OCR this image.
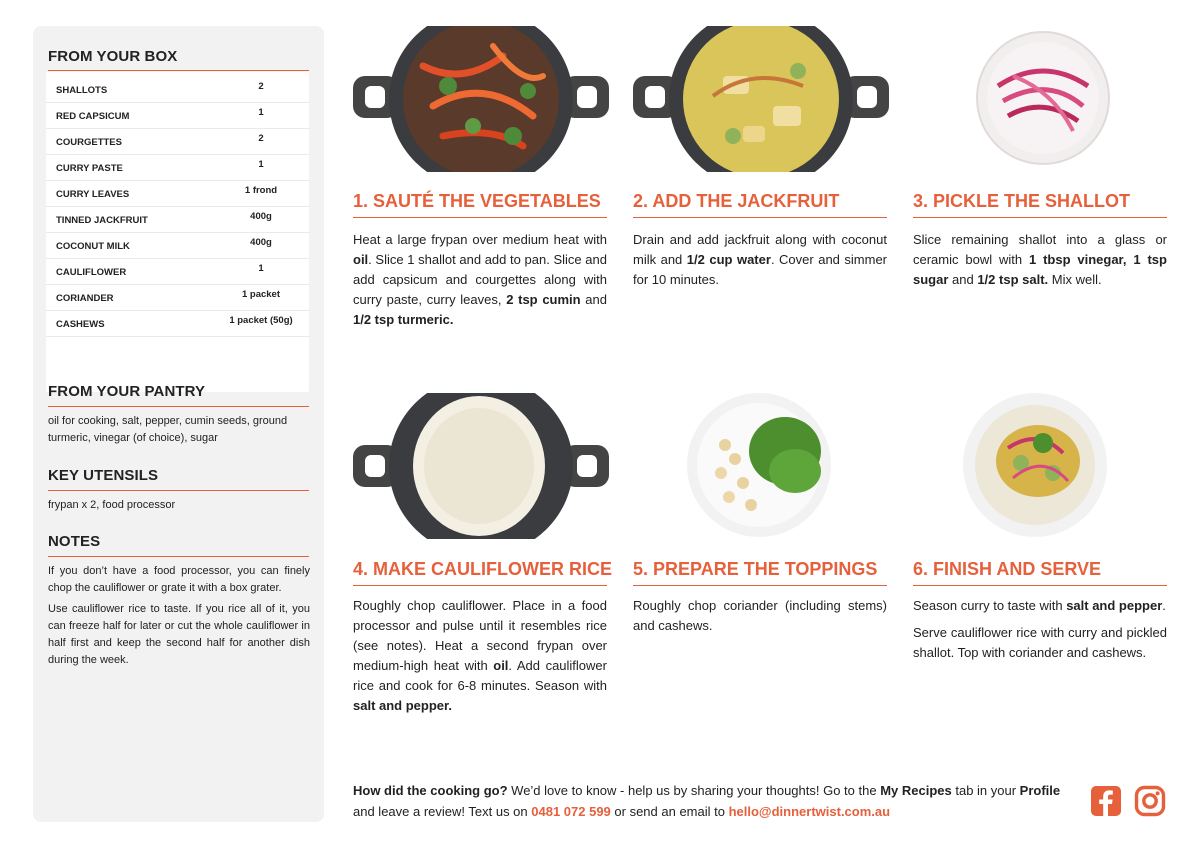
FROM YOUR BOX
SHALLOTS	2
RED CAPSICUM	1
COURGETTES	2
CURRY PASTE	1
CURRY LEAVES	1 frond
TINNED JACKFRUIT	400g
COCONUT MILK	400g
CAULIFLOWER	1
CORIANDER	1 packet
CASHEWS	1 packet (50g)
FROM YOUR PANTRY
oil for cooking, salt, pepper, cumin seeds, ground turmeric, vinegar (of choice), sugar
KEY UTENSILS
frypan x 2, food processor
NOTES
If you don’t have a food processor, you can finely chop the cauliflower or grate it with a box grater.
Use cauliflower rice to taste. If you rice all of it, you can freeze half for later or cut the whole cauliflower in half first and keep the second half for another dish during the week.
1. SAUTÉ THE VEGETABLES

Heat a large frypan over medium heat with oil. Slice 1 shallot and add to pan. Slice and add capsicum and courgettes along with curry paste, curry leaves, 2 tsp cumin and 1/2 tsp turmeric.

2. ADD THE JACKFRUIT

Drain and add jackfruit along with coconut milk and 1/2 cup water. Cover and simmer for 10 minutes.

3. PICKLE THE SHALLOT

Slice remaining shallot into a glass or ceramic bowl with 1 tbsp vinegar, 1 tsp sugar and 1/2 tsp salt. Mix well.

4. MAKE CAULIFLOWER RICE

Roughly chop cauliflower. Place in a food processor and pulse until it resembles rice (see notes). Heat a second frypan over medium-high heat with oil. Add cauliflower rice and cook for 6-8 minutes. Season with salt and pepper.

5. PREPARE THE TOPPINGS

Roughly chop coriander (including stems) and cashews.

6. FINISH AND SERVE

Season curry to taste with salt and pepper.

Serve cauliflower rice with curry and pickled shallot. Top with coriander and cashews.

How did the cooking go? We’d love to know - help us by sharing your thoughts! Go to the My Recipes tab in your Profile and leave a review! Text us on 0481 072 599 or send an email to hello@dinnertwist.com.au
